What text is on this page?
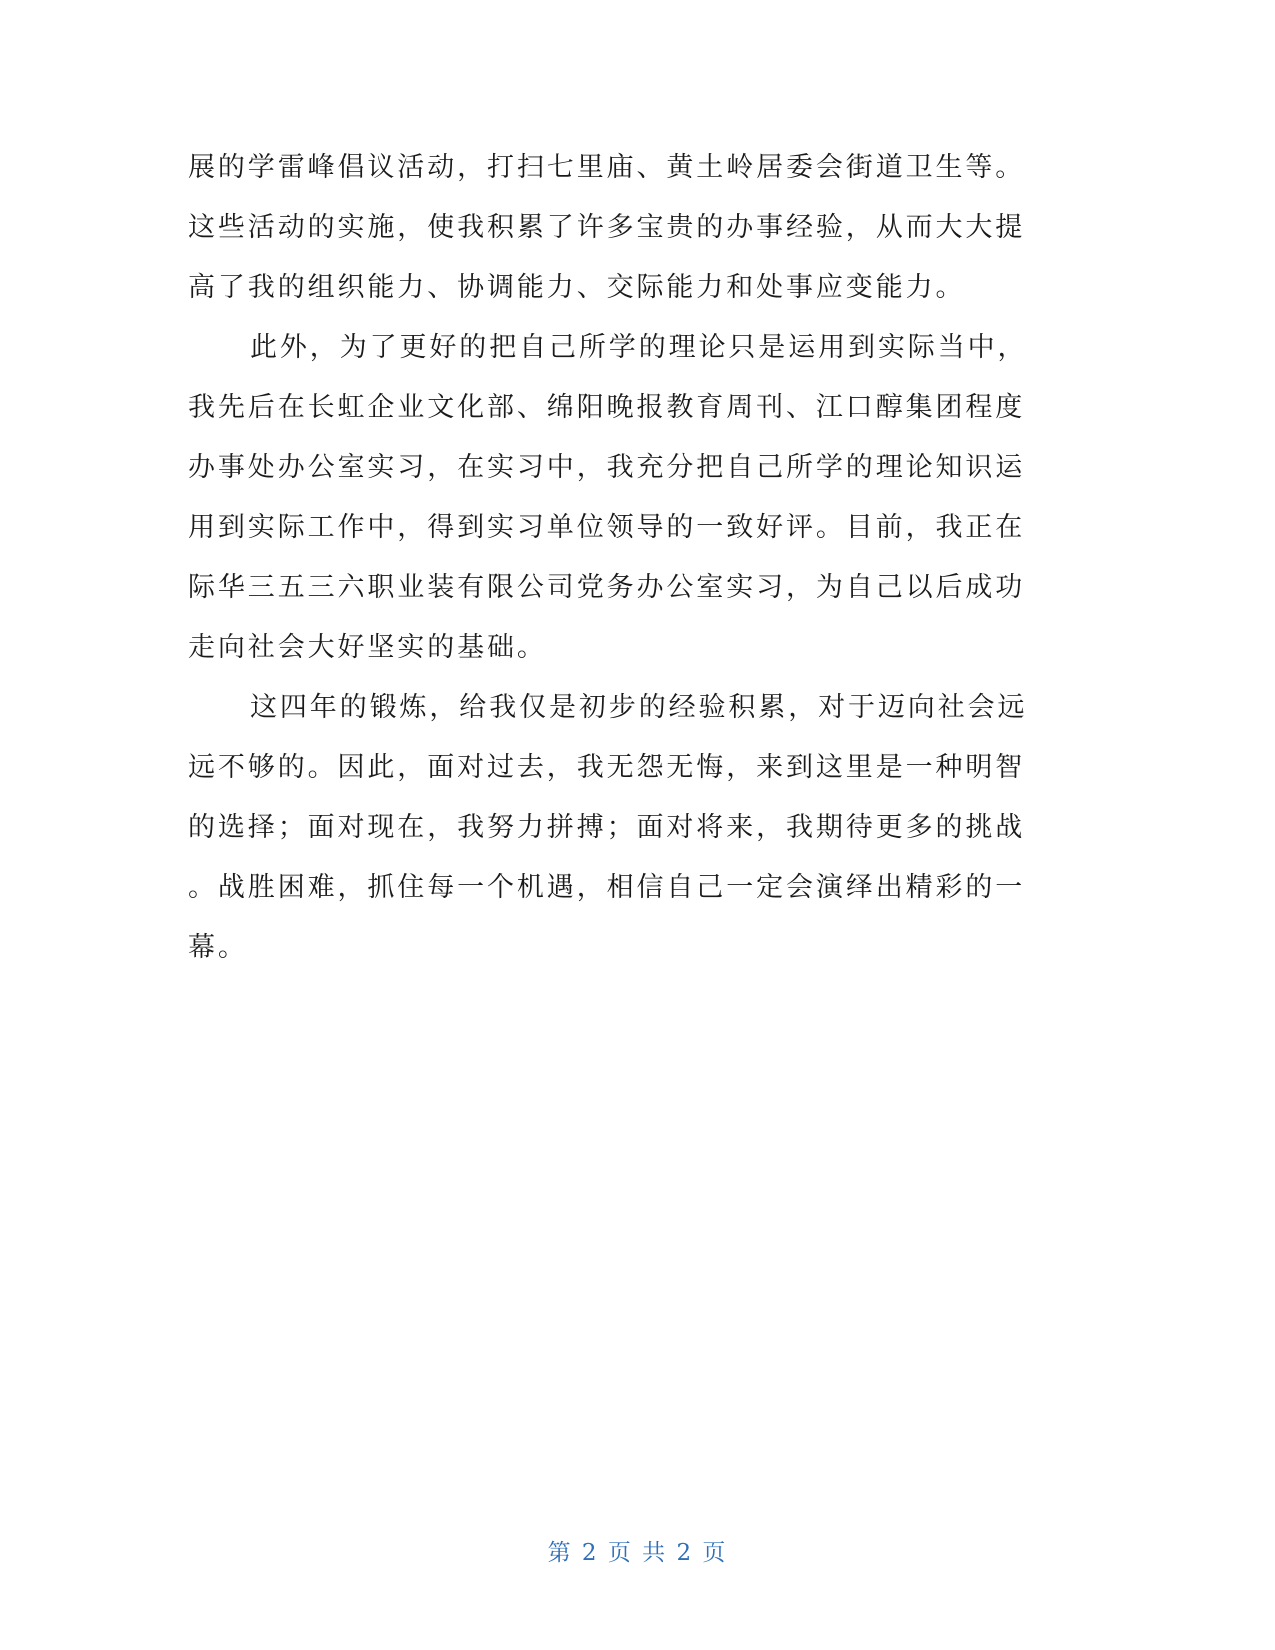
展的学雷峰倡议活动，打扫七里庙、黄土岭居委会街道卫生等。
这些活动的实施，使我积累了许多宝贵的办事经验，从而大大提
高了我的组织能力、协调能力、交际能力和处事应变能力。
此外，为了更好的把自己所学的理论只是运用到实际当中，
我先后在长虹企业文化部、绵阳晚报教育周刊、江口醇集团程度
办事处办公室实习，在实习中，我充分把自己所学的理论知识运
用到实际工作中，得到实习单位领导的一致好评。目前，我正在
际华三五三六职业装有限公司党务办公室实习，为自己以后成功
走向社会大好坚实的基础。
这四年的锻炼，给我仅是初步的经验积累，对于迈向社会远
远不够的。因此，面对过去，我无怨无悔，来到这里是一种明智
的选择；面对现在，我努力拼搏；面对将来，我期待更多的挑战
。战胜困难，抓住每一个机遇，相信自己一定会演绎出精彩的一
幕。
第 2 页 共 2 页
